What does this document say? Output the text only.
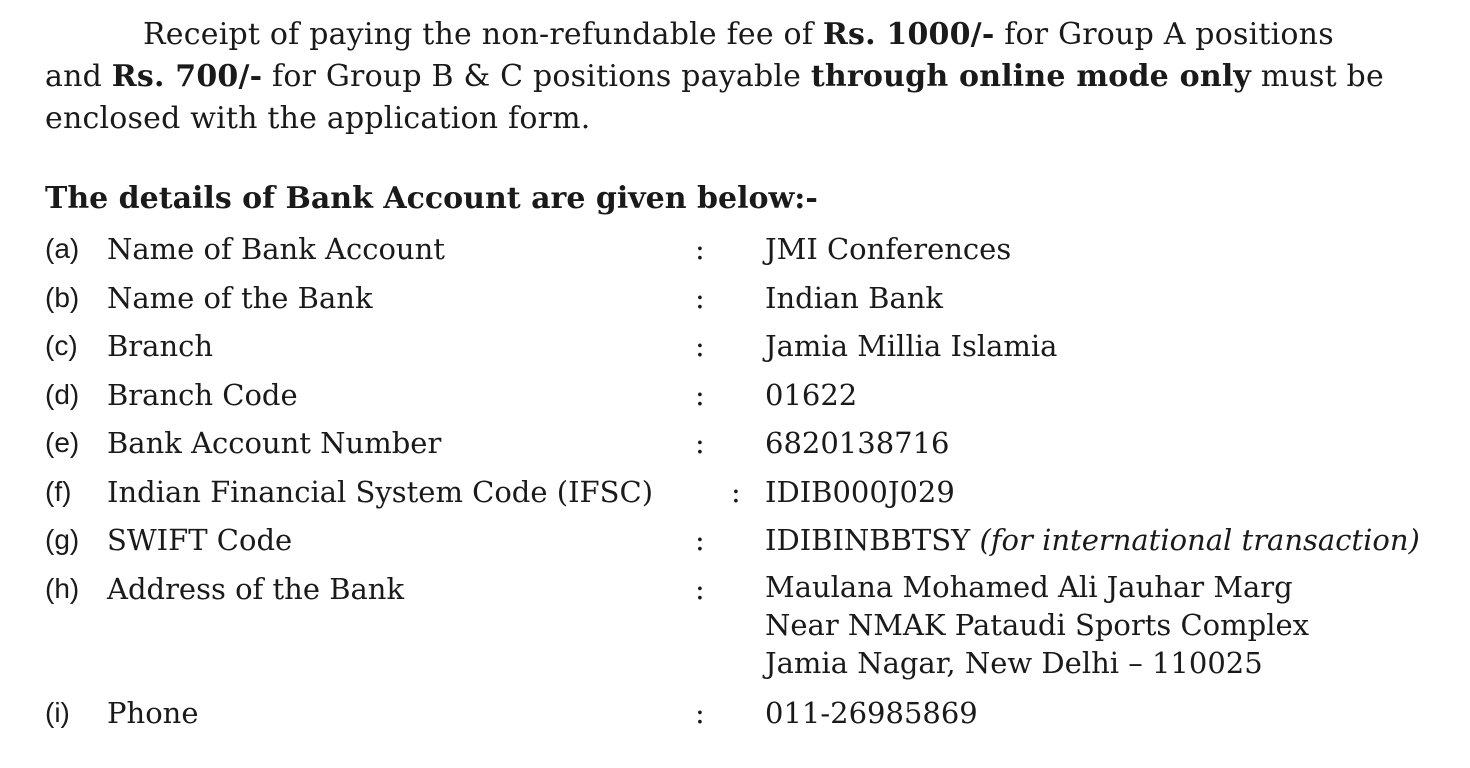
Receipt of paying the non-refundable fee of Rs. 1000/- for Group A positions and Rs. 700/- for Group B & C positions payable through online mode only must be enclosed with the application form.

The details of Bank Account are given below:-
(a) Name of Bank Account	: JMI Conferences
(b) Name of the Bank	: Indian Bank
(c) Branch	: Jamia Millia Islamia
(d) Branch Code	: 01622
(e) Bank Account Number	: 6820138716
(f) Indian Financial System Code (IFSC)	: IDIB000J029
(g) SWIFT Code	: IDIBINBBTSY (for international transaction)
(h) Address of the Bank	: Maulana Mohamed Ali Jauhar Marg
Near NMAK Pataudi Sports Complex
Jamia Nagar, New Delhi – 110025
(i) Phone	: 011-26985869
